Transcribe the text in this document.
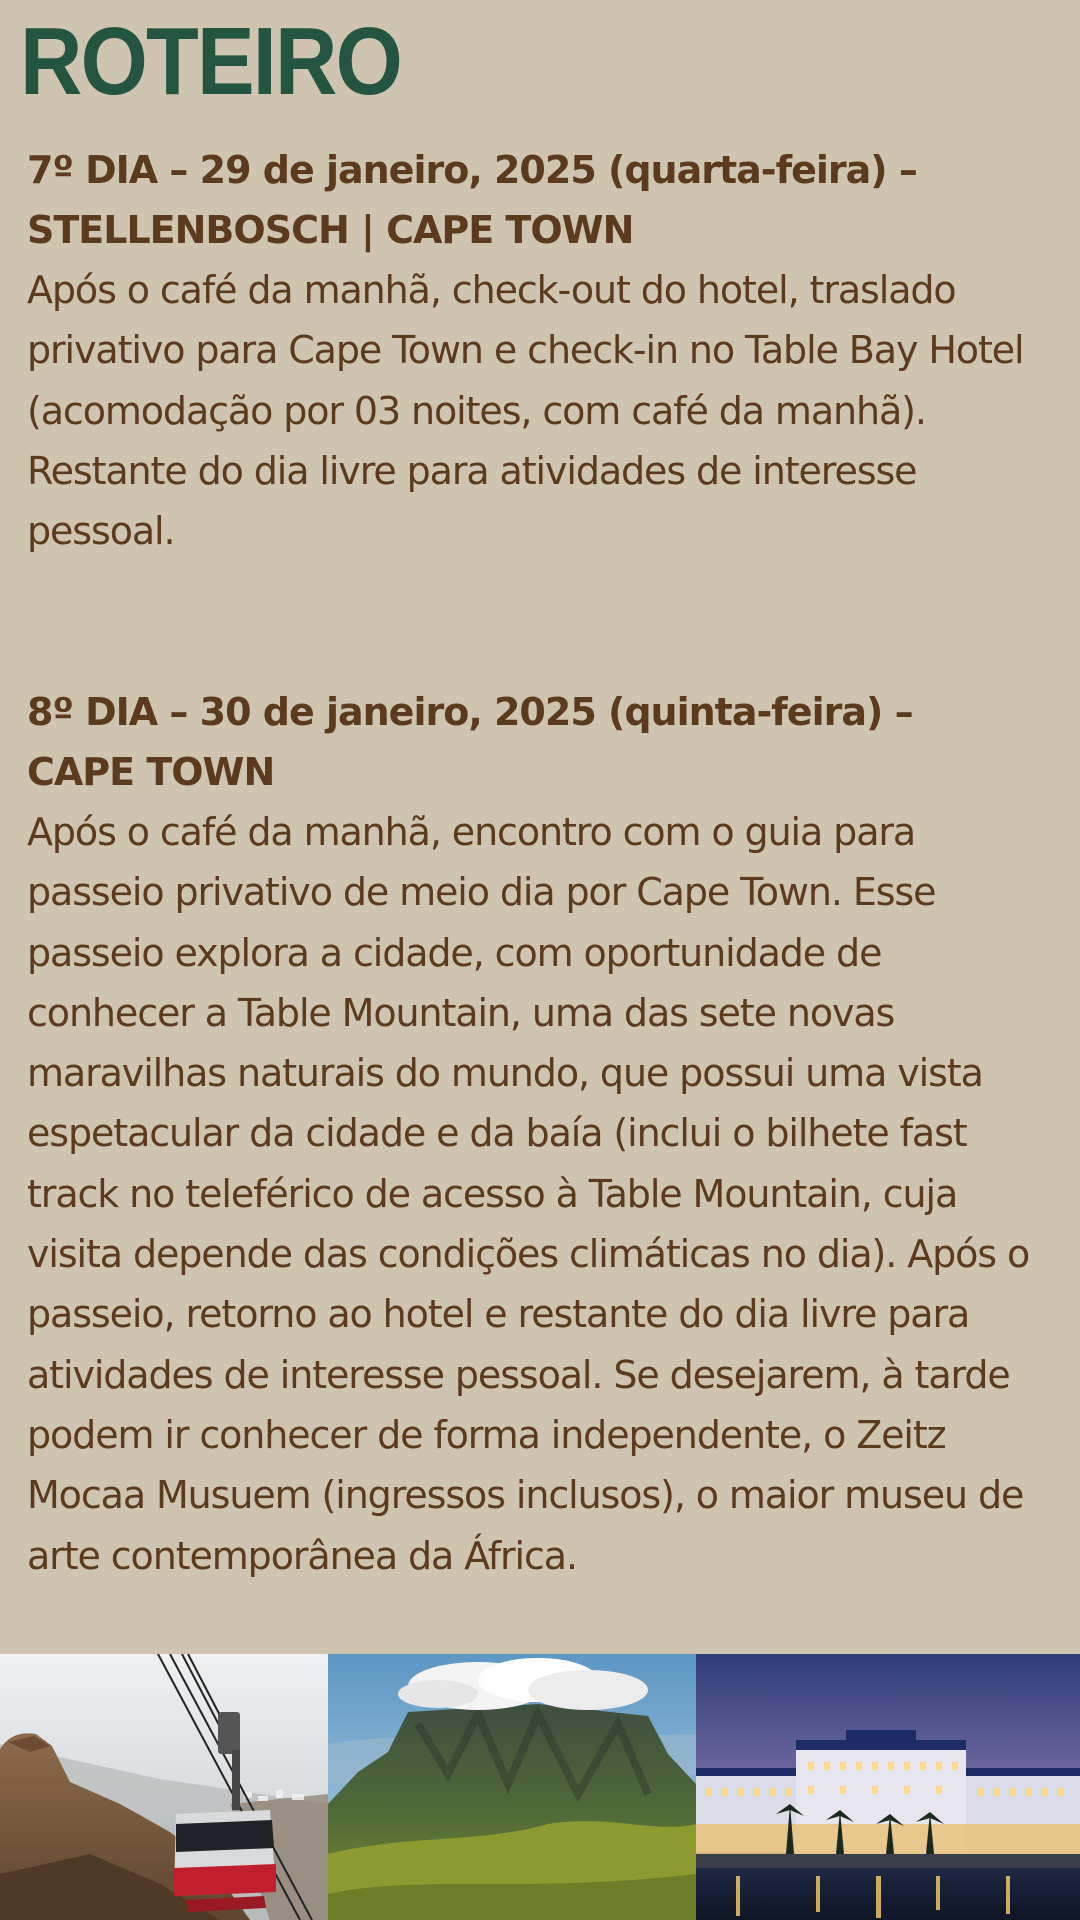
ROTEIRO
7º DIA – 29 de janeiro, 2025 (quarta-feira) –
STELLENBOSCH | CAPE TOWN

Após o café da manhã, check-out do hotel, traslado privativo para Cape Town e check-in no Table Bay Hotel (acomodação por 03 noites, com café da manhã). Restante do dia livre para atividades de interesse pessoal.

8º DIA – 30 de janeiro, 2025 (quinta-feira) –
CAPE TOWN

Após o café da manhã, encontro com o guia para passeio privativo de meio dia por Cape Town. Esse passeio explora a cidade, com oportunidade de conhecer a Table Mountain, uma das sete novas maravilhas naturais do mundo, que possui uma vista espetacular da cidade e da baía (inclui o bilhete fast track no teleférico de acesso à Table Mountain, cuja visita depende das condições climáticas no dia). Após o passeio, retorno ao hotel e restante do dia livre para atividades de interesse pessoal. Se desejarem, à tarde podem ir conhecer de forma independente, o Zeitz Mocaa Musuem (ingressos inclusos), o maior museu de arte contemporânea da África.
